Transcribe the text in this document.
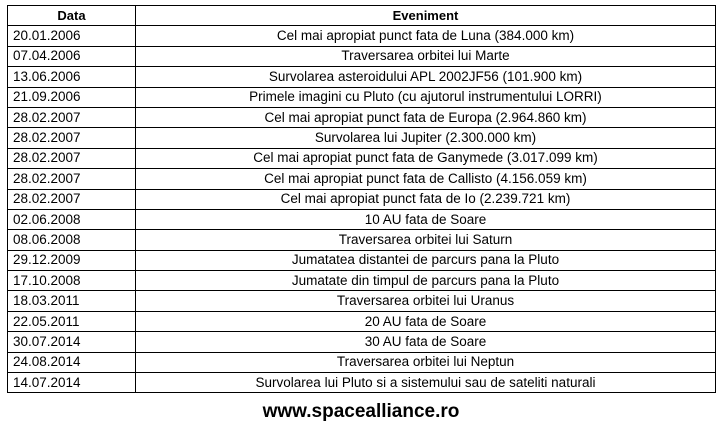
Data	Eveniment
20.01.2006	Cel mai apropiat punct fata de Luna (384.000 km)
07.04.2006	Traversarea orbitei lui Marte
13.06.2006	Survolarea asteroidului APL 2002JF56 (101.900 km)
21.09.2006	Primele imagini cu Pluto (cu ajutorul instrumentului LORRI)
28.02.2007	Cel mai apropiat punct fata de Europa (2.964.860 km)
28.02.2007	Survolarea lui Jupiter (2.300.000 km)
28.02.2007	Cel mai apropiat punct fata de Ganymede (3.017.099 km)
28.02.2007	Cel mai apropiat punct fata de Callisto (4.156.059 km)
28.02.2007	Cel mai apropiat punct fata de Io (2.239.721 km)
02.06.2008	10 AU fata de Soare
08.06.2008	Traversarea orbitei lui Saturn
29.12.2009	Jumatatea distantei de parcurs pana la Pluto
17.10.2008	Jumatate din timpul de parcurs pana la Pluto
18.03.2011	Traversarea orbitei lui Uranus
22.05.2011	20 AU fata de Soare
30.07.2014	30 AU fata de Soare
24.08.2014	Traversarea orbitei lui Neptun
14.07.2014	Survolarea lui Pluto si a sistemului sau de sateliti naturali
www.spacealliance.ro
